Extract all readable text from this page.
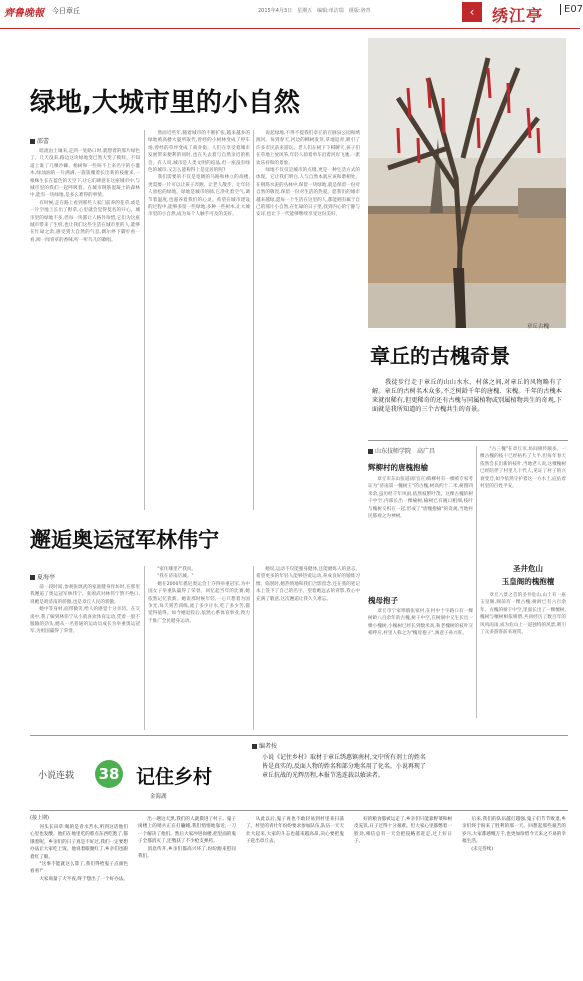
齊鲁晚報 今日章丘	2015年4月3日　星期五　编辑:单洁瑞　组版:洛青	‹	绣江亭	E07
绿地,大城市里的小自然
邵蕾
　　暗流由土壤来,走到一处路口时,就想着的那片绿色了。几天没来,路边这块绿地变已然大变了模样。不知道上谁了几棵沙棘、杨树和一些叫不上来名字的小灌木,绿油油的一片满满,一簇簇覆着长出新的枝桠来,一根株生长在蓝色的天空下,让它们肆意在这座城市中,与城市里的我们一起呼吸着。在城市钢筋混凝土的森林中,能有一块绿地,是多么难得的事情。
　　有时候,走在路上看到那些人家门前养的花草,或是一片空地上长出了野草,心里就会觉得莫名的开心。城市里的绿地不多,但每一块都让人格外珍惜,它们为这座城市带来了生机,也让我们这些生活在城市里的人,能够在忙碌之余,感受到大自然的气息,偶尔停下脚步看一看,闻一闻青草的香味,听一听鸟儿的歌唱。
　　然而近些年,随着城市的不断扩张,越来越多的绿地被高楼大厦所取代,曾经的小树林变成了停车场,曾经的草坪变成了商业街。人们在享受着城市发展带来便利的同时,也在失去着与自然亲近的机会。有人说,城市是人类文明的结晶,但一座没有绿色的城市,又怎么能称得上是宜居的呢?
　　我们需要的不仅是宽阔的马路和林立的高楼,更需要一片可以让孩子奔跑、让老人散步、让年轻人放松的绿地。绿地是城市的肺,它净化着空气,调节着温度,也滋养着我们的心灵。希望在城市建设的过程中,能够多留一些绿地,多种一些树木,让大城市里的小自然,成为每个人触手可及的美好。
　　说起绿地,不得不提我们章丘的百脉泉公园和绣源河。每到春天,河边的柳树发芽,草地返青,吸引了许多市民前来游玩。老人们在树下下棋聊天,孩子们在草地上放风筝,年轻人骑着单车沿着河岸飞驰,一派欢乐祥和的景象。
　　绿地不仅仅是城市的点缀,更是一种生活方式的体现。它让我们明白,人与自然本就应该和谐相处。在钢筋水泥的丛林中,保留一块绿地,就是保留一份对自然的敬畏,保留一份对生活的热爱。愿我们的城市越来越绿,愿每一个生活在这里的人,都能拥有属于自己的那片小自然,在忙碌的日子里,找到内心的宁静与安详,也让下一代能够继续享受这份美好。
章丘古槐
章丘的古槐奇景
　　我徒步行走于章丘的山山水水、村落之间,对章丘的风物略有了解。章丘的古树名木众多,不乏树龄千年的唐槐、宋槐。千年的古槐本来就很稀有,但更稀奇的还有古槐与同属植物或别属植物共生的奇观,下面就是我所知道的三个古槐共生的奇景。
山东技师学院　高广昌
辉柳村的唐槐抱榆
　　章丘市东山张道(原官庄)辉柳村有一棵被专家考证为"济南第一槐树王"的古槐,树高约十二米,树围四米余,虽历经千年风雨,依然枝繁叶茂。这棵古槐的树干中空,内部长出一棵榆树,榆树已有碗口粗细,枝叶与槐树交织在一起,形成了"唐槐抱榆"的奇观,当地村民都视之为神树。
槐母抱子
　　章丘市宁家埠镇张家村,在村中十字路口有一棵树龄八百余年的古槐,树干中空,在树洞中又生长出一棵小槐树,小槐树已经长到数米高,和老槐树的枝叶交相呼应,村里人称之为"槐母抱子",寓意子孙兴旺。
　　"古三槐"在章丘市,坊间相传颇多。一棵古槐的枝干已经枯朽了大半,但每年春天依然会长出新的枝叶,当地老人说,这棵槐树已经陪伴了村里几十代人,见证了村子的兴衰变迁,如今依然守护着这一方水土,庇佑着村里的百姓平安。
圣井危山
玉皇阁的槐抱檀
　　章丘八景之首的圣井危山,山上有一座玉皇阁,阁前有一棵古槐,树龄已有六百余年。古槐的树干中空,里面长出了一棵檀树,槐树与檀树相依相偎,共同经历了数百年的风风雨雨,成为危山上一道独特的风景,吸引了众多游客前来观赏。
邂逅奥运冠军林伟宁
夏海亭
　　前一段时间,参观张颂武的家庭健身作坊时,在那里我邂逅了奥运冠军林伟宁。张颂武对林伟宁赞不绝口,说她是咱济南的骄傲,也是章丘人民的骄傲。
　　她中等身材,面带微笑,给人的感觉十分亲切。在交谈中,我了解到林伟宁从小就喜欢体育运动,凭着一股不服输的劲头,她从一名普通的运动员成长为举重奥运冠军,为祖国赢得了荣誉。
　　"家住哪里?"我问。
　　"我在济南历城。"
　　她在2000年悉尼奥运会上夺得举重冠军,为中国女子举重队赢得了荣誉。回忆起当年的比赛,她依然记忆犹新。她说那时候年轻,一心只想着为国争光,每天刻苦训练,流了多少汗水,吃了多少苦,都觉得值得。如今她退役后,依然心系体育事业,致力于推广全民健身运动。
　　她说,运动不仅能强身健体,还能磨炼人的意志。希望更多的年轻人能够热爱运动,养成良好的锻炼习惯。临别时,她热情地和我们合影留念,还在我的笔记本上签下了自己的名字。望着她远去的背影,我心中充满了敬意,这次邂逅让我久久难忘。
小说连载 38 记住乡村
金海湖
编者按
小说《记住乡村》取材于章丘绣惠镇南村,文中所有剂士的姓名皆是真实的,反面人物的姓名和部分地名用了化名。小说再现了章丘抗战的光辉历程,本报节选连载以飨读者。
(接上期)
　　河头长田草:喝的是青水苦水,听到这话他们心里也发酸。他们在地里吃的那点东西吃饱了,都饿着呢。乡亲们的日子真是不好过,我们一定要想办法让大家吃上饭。他说着眼圈红了,乡亲们也跟着红了眼。
　　"这事不能就这么算了,我们得给鬼子点颜色看看!"
　　大家商量了大半夜,终于想出了一个好办法。
　　出一趟这天黑,我们的人就摸进了村子。鬼子岗楼上的哨兵正在打瞌睡,我们悄悄地靠近,一刀一个解决了他们。然后大家冲进岗楼,把里面的鬼子全都消灭了,还缴获了不少枪支弹药。
　　消息传开,乡亲们都高兴坏了,纷纷跑来慰问我们。
　　从此以后,鬼子再也不敢轻易到村里来扫荡了。村里的青壮年纷纷要求参加队伍,队伍一天天壮大起来,大家的斗志也越来越高昂,决心要把鬼子赶出章丘去。
　　好的粮食都被运走了,乡亲们只能靠野菜和树皮充饥,日子过得十分艰难。但大家心里都憋着一股劲,相信总有一天会把侵略者赶走,过上好日子。
　　后来,我们的队伍越打越强,鬼子们节节败退,乡亲们终于盼来了胜利的那一天。回想起那些艰苦的岁月,大家都感慨万千,也更加珍惜今天来之不易的幸福生活。
　　(未完待续)
